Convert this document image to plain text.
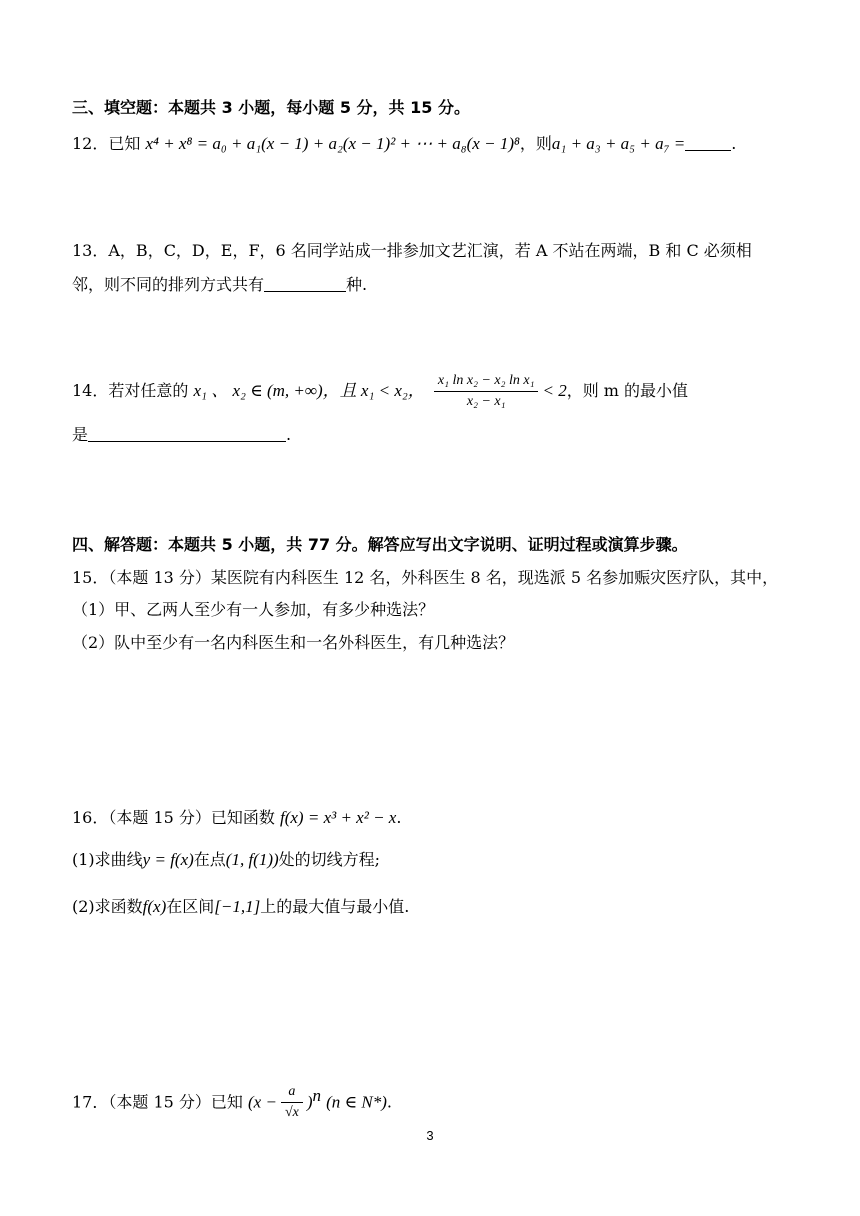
三、填空题：本题共 3 小题，每小题 5 分，共 15 分。
12．已知 x⁴ + x⁸ = a₀ + a₁(x − 1) + a₂(x − 1)² + ⋯ + a₈(x − 1)⁸，则a₁ + a₃ + a₅ + a₇ =	.
13．A，B，C，D，E，F，6 名同学站成一排参加文艺汇演，若 A 不站在两端，B 和 C 必须相
邻，则不同的排列方式共有	种.
14．若对任意的 x₁ 、 x₂ ∈ (m, +∞)，且 x₁ < x₂， $\frac{\text{x₁ ln x₂ − x₂ ln x₁}}{\text{x₂ − x₁}} < 2$，则 m 的最小值
是	.
四、解答题：本题共 5 小题，共 77 分。解答应写出文字说明、证明过程或演算步骤。
15．（本题 13 分）某医院有内科医生 12 名，外科医生 8 名，现选派 5 名参加赈灾医疗队，其中，
（1）甲、乙两人至少有一人参加，有多少种选法？
（2）队中至少有一名内科医生和一名外科医生，有几种选法？
16．（本题 15 分）已知函数 f(x) = x³ + x² − x.
(1)求曲线y = f(x)在点(1, f(1))处的切线方程;
(2)求函数f(x)在区间[−1,1]上的最大值与最小值.
17．（本题 15 分）已知 $(x - \frac{a}{√x} )^n$ (n ∈ N*).
3
